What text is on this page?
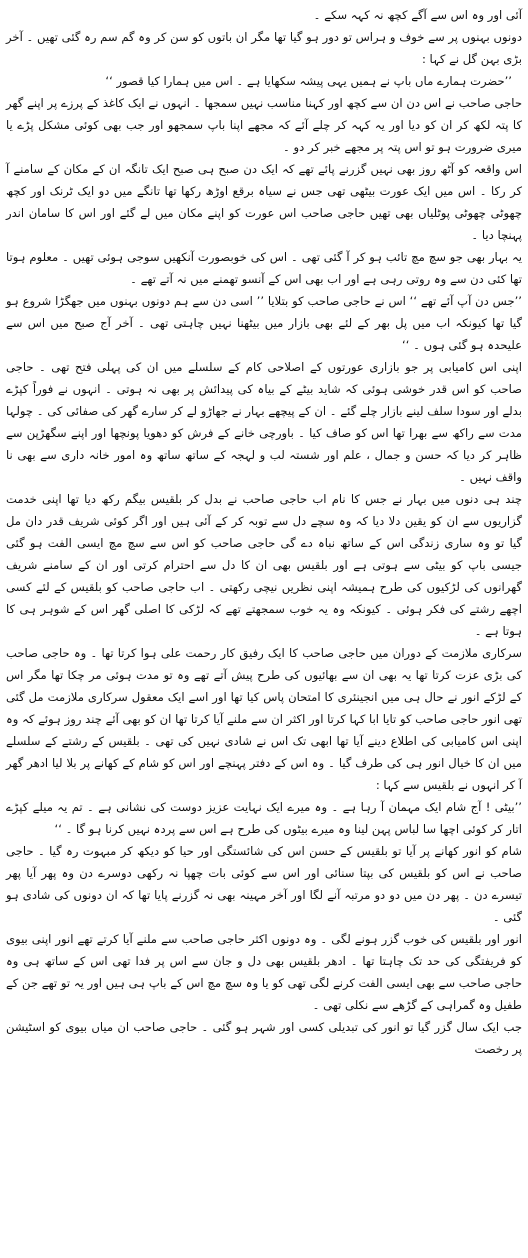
آئی اور وہ اس سے آگے کچھ نہ کہہ سکے ۔

دونوں بہنوں پر سے خوف و ہراس تو دور ہو گیا تھا مگر ان باتوں کو سن کر وہ گم سم رہ گئی تھیں ۔ آخر بڑی بہن گل نے کہا :

’’حضرت ہمارے ماں باپ نے ہمیں یہی پیشہ سکھایا ہے ۔ اس میں ہمارا کیا قصور ‘‘

حاجی صاحب نے اس دن ان سے کچھ اور کہنا مناسب نہیں سمجھا ۔ انہوں نے ایک کاغذ کے پرزے پر اپنے گھر کا پتہ لکھ کر ان کو دیا اور یہ کہہ کر چلے آئے کہ مجھے اپنا باپ سمجھو اور جب بھی کوئی مشکل پڑے یا میری ضرورت ہو تو اس پتہ پر مجھے خبر کر دو ۔

اس واقعہ کو آٹھ روز بھی نہیں گزرنے پائے تھے کہ ایک دن صبح ہی صبح ایک تانگہ ان کے مکان کے سامنے آ کر رکا ۔ اس میں ایک عورت بیٹھی تھی جس نے سیاہ برقع اوڑھ رکھا تھا تانگے میں دو ایک ٹرنک اور کچھ چھوٹی چھوٹی پوٹلیاں بھی تھیں حاجی صاحب اس عورت کو اپنے مکان میں لے گئے اور اس کا سامان اندر پہنچا دیا ۔

یہ بہار بھی جو سچ مچ تائب ہو کر آ گئی تھی ۔ اس کی خوبصورت آنکھیں سوجی ہوئی تھیں ۔ معلوم ہوتا تھا کئی دن سے وہ روتی رہی ہے اور اب بھی اس کے آنسو تھمنے میں نہ آتے تھے ۔

’’جس دن آپ آئے تھے ‘‘ اس نے حاجی صاحب کو بتلایا ’’ اسی دن سے ہم دونوں بہنوں میں جھگڑا شروع ہو گیا تھا کیونکہ اب میں پل بھر کے لئے بھی بازار میں بیٹھنا نہیں چاہتی تھی ۔ آخر آج صبح میں اس سے علیحدہ ہو گئی ہوں ۔ ‘‘

اپنی اس کامیابی پر جو بازاری عورتوں کے اصلاحی کام کے سلسلے میں ان کی پہلی فتح تھی ۔ حاجی صاحب کو اس قدر خوشی ہوئی کہ شاید بیٹے کے بیاہ کی پیدائش پر بھی نہ ہوتی ۔ انہوں نے فوراً کپڑے بدلے اور سودا سلف لینے بازار چلے گئے ۔ ان کے پیچھے بہار نے جھاڑو لے کر سارے گھر کی صفائی کی ۔ چولہا مدت سے راکھ سے بھرا تھا اس کو صاف کیا ۔ باورچی خانے کے فرش کو دھویا پونچھا اور اپنے سگھڑپن سے ظاہر کر دیا کہ حسن و جمال ، علم اور شستہ لب و لہجہ کے ساتھ ساتھ وہ امور خانہ داری سے بھی نا واقف نہیں ۔

چند ہی دنوں میں بہار نے جس کا نام اب حاجی صاحب نے بدل کر بلقیس بیگم رکھ دیا تھا اپنی خدمت گزاریوں سے ان کو یقین دلا دیا کہ وہ سچے دل سے توبہ کر کے آئی ہیں اور اگر کوئی شریف قدر دان مل گیا تو وہ ساری زندگی اس کے ساتھ نباہ دے گی حاجی صاحب کو اس سے سچ مچ ایسی الفت ہو گئی جیسی باپ کو بیٹی سے ہوتی ہے اور بلقیس بھی ان کا دل سے احترام کرتی اور ان کے سامنے شریف گھرانوں کی لڑکیوں کی طرح ہمیشہ اپنی نظریں نیچی رکھتی ۔ اب حاجی صاحب کو بلقیس کے لئے کسی اچھے رشتے کی فکر ہوئی ۔ کیونکہ وہ یہ خوب سمجھتے تھے کہ لڑکی کا اصلی گھر اس کے شوہر ہی کا ہوتا ہے ۔

سرکاری ملازمت کے دوران میں حاجی صاحب کا ایک رفیق کار رحمت علی ہوا کرتا تھا ۔ وہ حاجی صاحب کی بڑی عزت کرتا تھا یہ بھی ان سے بھائیوں کی طرح پیش آتے تھے وہ تو مدت ہوئی مر چکا تھا مگر اس کے لڑکے انور نے حال ہی میں انجینئری کا امتحان پاس کیا تھا اور اسے ایک معقول سرکاری ملازمت مل گئی تھی انور حاجی صاحب کو تایا ابا کہا کرتا اور اکثر ان سے ملنے آیا کرتا تھا ان کو بھی آئے چند روز ہوئے کہ وہ اپنی اس کامیابی کی اطلاع دینے آیا تھا ابھی تک اس نے شادی نہیں کی تھی ۔ بلقیس کے رشتے کے سلسلے میں ان کا خیال انور ہی کی طرف گیا ۔ وہ اس کے دفتر پہنچے اور اس کو شام کے کھانے پر بلا لیا ادھر گھر آ کر انہوں نے بلقیس سے کہا :

’’بیٹی ! آج شام ایک مہمان آ رہا ہے ۔ وہ میرے ایک نہایت عزیز دوست کی نشانی ہے ۔ تم یہ میلے کپڑے اتار کر کوئی اچھا سا لباس پہن لینا وہ میرے بیٹوں کی طرح ہے اس سے پردہ نہیں کرنا ہو گا ۔ ‘‘

شام کو انور کھانے پر آیا تو بلقیس کے حسن اس کی شائستگی اور حیا کو دیکھ کر مبہوت رہ گیا ۔ حاجی صاحب نے اس کو بلقیس کی بپتا سنائی اور اس سے کوئی بات چھپا نہ رکھی دوسرے دن وہ پھر آیا پھر تیسرے دن ۔ پھر دن میں دو دو مرتبہ آنے لگا اور آخر مہینہ بھی نہ گزرنے پایا تھا کہ ان دونوں کی شادی ہو گئی ۔

انور اور بلقیس کی خوب گزر ہونے لگی ۔ وہ دونوں اکثر حاجی صاحب سے ملنے آیا کرتے تھے انور اپنی بیوی کو فریفتگی کی حد تک چاہتا تھا ۔ ادھر بلقیس بھی دل و جان سے اس پر فدا تھی اس کے ساتھ ہی وہ حاجی صاحب سے بھی ایسی الفت کرنے لگی تھی کو یا وہ سچ مچ اس کے باپ ہی ہیں اور یہ تو تھے جن کے طفیل وہ گمراہی کے گڑھے سے نکلی تھی ۔

جب ایک سال گزر گیا تو انور کی تبدیلی کسی اور شہر ہو گئی ۔ حاجی صاحب ان میاں بیوی کو اسٹیشن پر رخصت
